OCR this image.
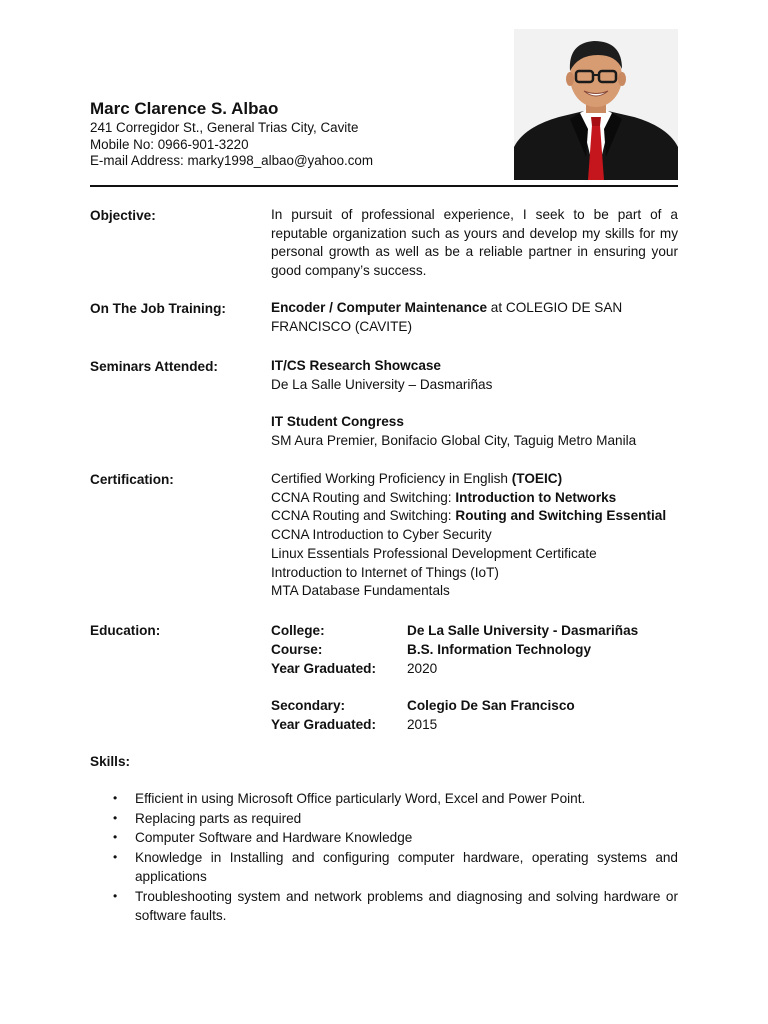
Marc Clarence S. Albao
241 Corregidor St., General Trias City, Cavite
Mobile No: 0966-901-3220
E-mail Address: marky1998_albao@yahoo.com
Objective:	In pursuit of professional experience, I seek to be part of a reputable organization such as yours and develop my skills for my personal growth as well as be a reliable partner in ensuring your good company’s success.
On The Job Training:	Encoder / Computer Maintenance at COLEGIO DE SAN
FRANCISCO (CAVITE)
Seminars Attended:	IT/CS Research Showcase
De La Salle University – Dasmariñas
IT Student Congress
SM Aura Premier, Bonifacio Global City, Taguig Metro Manila
Certification:	Certified Working Proficiency in English (TOEIC)
CCNA Routing and Switching: Introduction to Networks
CCNA Routing and Switching: Routing and Switching Essential
CCNA Introduction to Cyber Security
Linux Essentials Professional Development Certificate
Introduction to Internet of Things (IoT)
MTA Database Fundamentals
Education:	College:	De La Salle University - Dasmariñas
Course:	B.S. Information Technology
Year Graduated: 2020
Secondary:	Colegio De San Francisco
Year Graduated: 2015
Skills:
• Efficient in using Microsoft Office particularly Word, Excel and Power Point.
• Replacing parts as required
• Computer Software and Hardware Knowledge
• Knowledge in Installing and configuring computer hardware, operating systems and applications
• Troubleshooting system and network problems and diagnosing and solving hardware or software faults.
